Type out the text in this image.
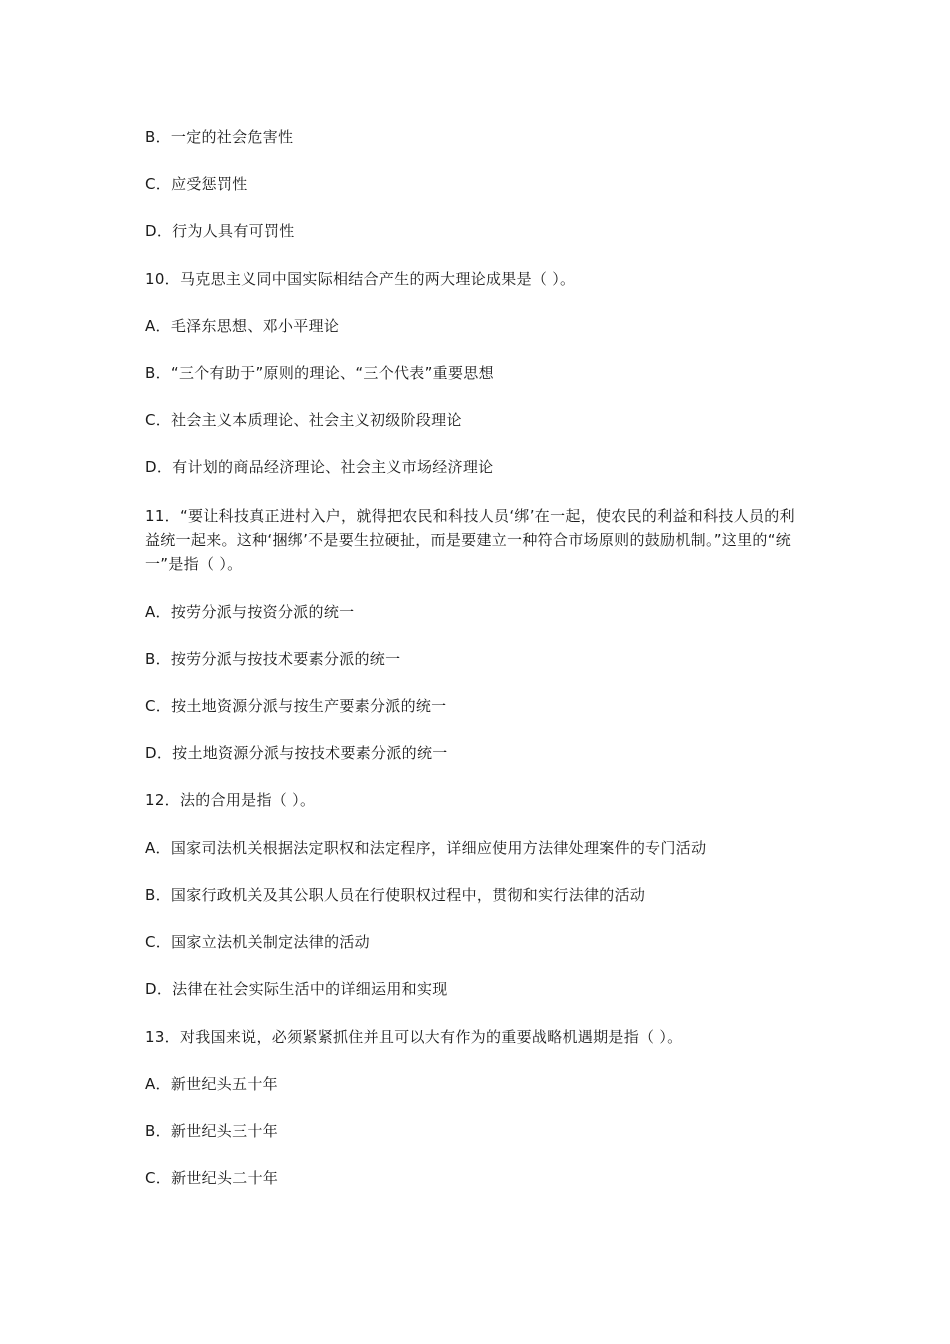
B．一定的社会危害性
C．应受惩罚性
D．行为人具有可罚性
10．马克思主义同中国实际相结合产生的两大理论成果是（ ）。
A．毛泽东思想、邓小平理论
B．“三个有助于”原则的理论、“三个代表”重要思想
C．社会主义本质理论、社会主义初级阶段理论
D．有计划的商品经济理论、社会主义市场经济理论
11．“要让科技真正进村入户，就得把农民和科技人员‘绑’在一起，使农民的利益和科技人员的利益统一起来。这种‘捆绑’不是要生拉硬扯，而是要建立一种符合市场原则的鼓励机制。”这里的“统一”是指（ ）。
A．按劳分派与按资分派的统一
B．按劳分派与按技术要素分派的统一
C．按土地资源分派与按生产要素分派的统一
D．按土地资源分派与按技术要素分派的统一
12．法的合用是指（ ）。
A．国家司法机关根据法定职权和法定程序，详细应使用方法律处理案件的专门活动
B．国家行政机关及其公职人员在行使职权过程中，贯彻和实行法律的活动
C．国家立法机关制定法律的活动
D．法律在社会实际生活中的详细运用和实现
13．对我国来说，必须紧紧抓住并且可以大有作为的重要战略机遇期是指（ ）。
A．新世纪头五十年
B．新世纪头三十年
C．新世纪头二十年
